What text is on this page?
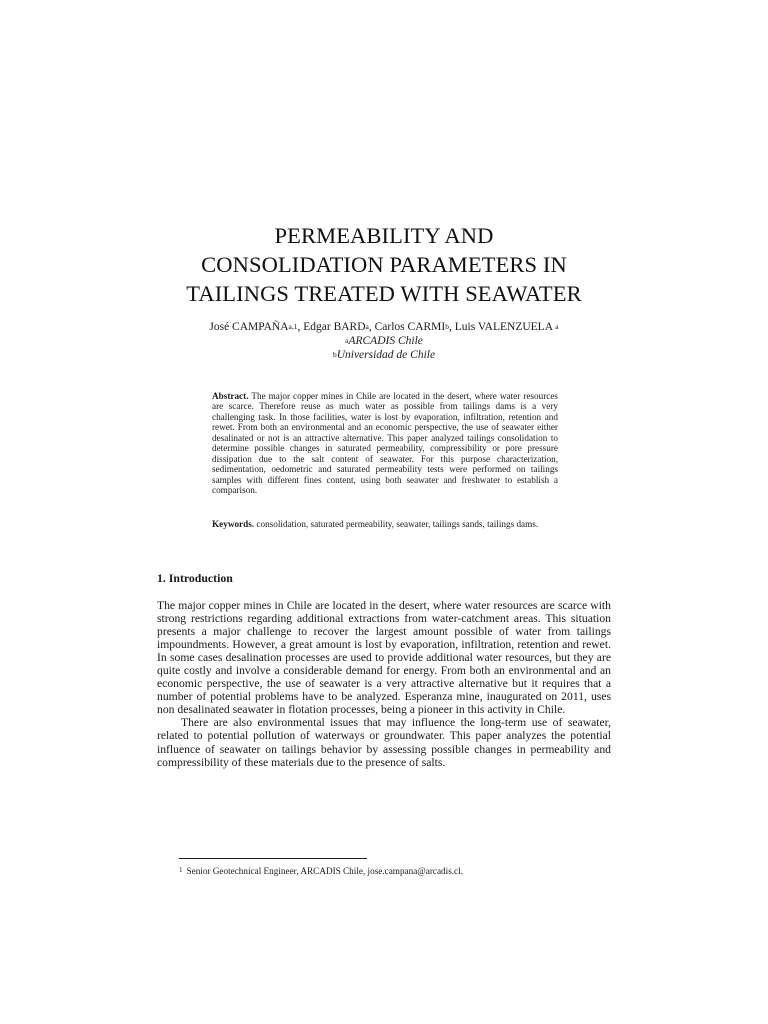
PERMEABILITY AND
CONSOLIDATION PARAMETERS IN
TAILINGS TREATED WITH SEAWATER
José CAMPAÑA$^{a,1}$, Edgar BARD$^a$, Carlos CARMI$^b$, Luis VALENZUELA $^a$
$^a$ARCADIS Chile
$^b$Universidad de Chile
Abstract. The major copper mines in Chile are located in the desert, where water resources are scarce. Therefore reuse as much water as possible from tailings dams is a very challenging task. In those facilities, water is lost by evaporation, infiltration, retention and rewet. From both an environmental and an economic perspective, the use of seawater either desalinated or not is an attractive alternative. This paper analyzed tailings consolidation to determine possible changes in saturated permeability, compressibility or pore pressure dissipation due to the salt content of seawater. For this purpose characterization, sedimentation, oedometric and saturated permeability tests were performed on tailings samples with different fines content, using both seawater and freshwater to establish a comparison.
Keywords. consolidation, saturated permeability, seawater, tailings sands, tailings dams.
1. Introduction

The major copper mines in Chile are located in the desert, where water resources are scarce with strong restrictions regarding additional extractions from water-catchment areas. This situation presents a major challenge to recover the largest amount possible of water from tailings impoundments. However, a great amount is lost by evaporation, infiltration, retention and rewet. In some cases desalination processes are used to provide additional water resources, but they are quite costly and involve a considerable demand for energy. From both an environmental and an economic perspective, the use of seawater is a very attractive alternative but it requires that a number of potential problems have to be analyzed. Esperanza mine, inaugurated on 2011, uses non desalinated seawater in flotation processes, being a pioneer in this activity in Chile.

There are also environmental issues that may influence the long-term use of seawater, related to potential pollution of waterways or groundwater. This paper analyzes the potential influence of seawater on tailings behavior by assessing possible changes in permeability and compressibility of these materials due to the presence of salts.

$^1$ Senior Geotechnical Engineer, ARCADIS Chile, jose.campana@arcadis.cl.
